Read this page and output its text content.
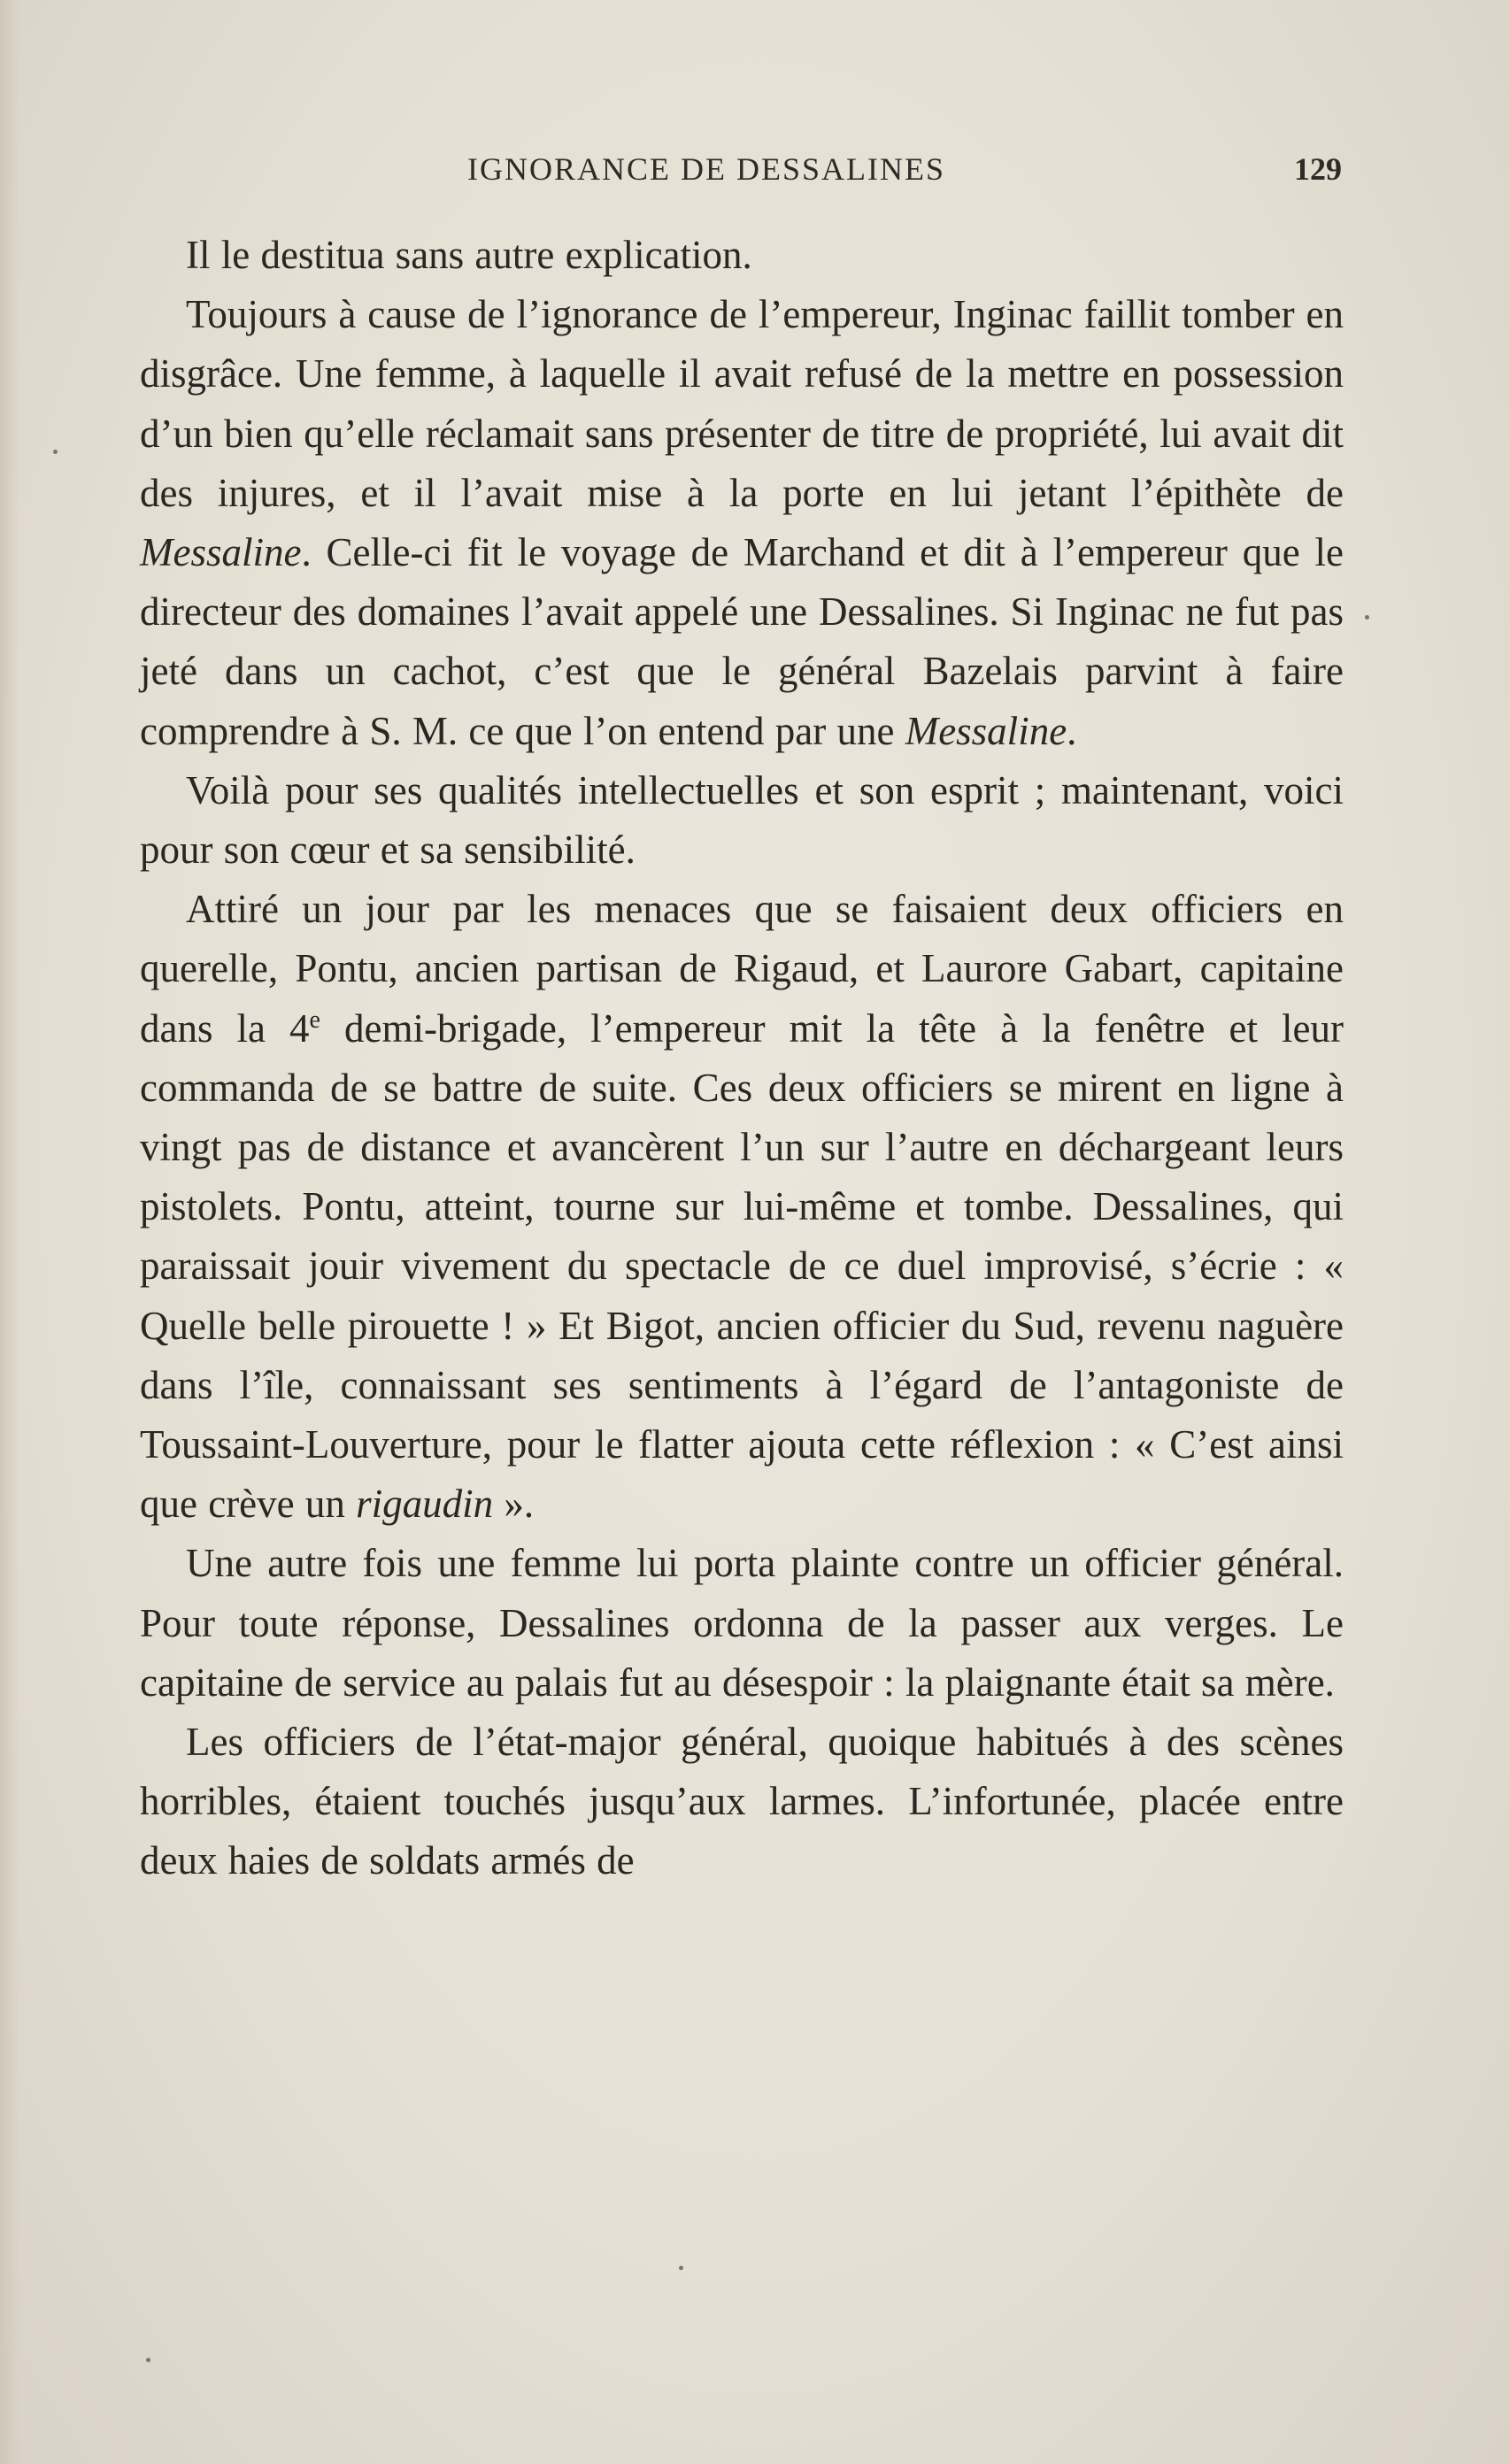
IGNORANCE DE DESSALINES	129

Il le destitua sans autre explication.

Toujours à cause de l’ignorance de l’empereur, Inginac faillit tomber en disgrâce. Une femme, à laquelle il avait refusé de la mettre en possession d’un bien qu’elle réclamait sans présenter de titre de propriété, lui avait dit des injures, et il l’avait mise à la porte en lui jetant l’épithète de Messaline. Celle-ci fit le voyage de Marchand et dit à l’empereur que le directeur des domaines l’avait appelé une Dessalines. Si Inginac ne fut pas jeté dans un cachot, c’est que le général Bazelais parvint à faire comprendre à S. M. ce que l’on entend par une Messaline.

Voilà pour ses qualités intellectuelles et son esprit ; maintenant, voici pour son cœur et sa sensibilité.

Attiré un jour par les menaces que se faisaient deux officiers en querelle, Pontu, ancien partisan de Rigaud, et Laurore Gabart, capitaine dans la 4e demi-brigade, l’empereur mit la tête à la fenêtre et leur commanda de se battre de suite. Ces deux officiers se mirent en ligne à vingt pas de distance et avancèrent l’un sur l’autre en déchargeant leurs pistolets. Pontu, atteint, tourne sur lui-même et tombe. Dessalines, qui paraissait jouir vivement du spectacle de ce duel improvisé, s’écrie : « Quelle belle pirouette ! » Et Bigot, ancien officier du Sud, revenu naguère dans l’île, connaissant ses sentiments à l’égard de l’antagoniste de Toussaint-Louverture, pour le flatter ajouta cette réflexion : « C’est ainsi que crève un rigaudin ».

Une autre fois une femme lui porta plainte contre un officier général. Pour toute réponse, Dessalines ordonna de la passer aux verges. Le capitaine de service au palais fut au désespoir : la plaignante était sa mère.

Les officiers de l’état-major général, quoique habitués à des scènes horribles, étaient touchés jusqu’aux larmes. L’infortunée, placée entre deux haies de soldats armés de
